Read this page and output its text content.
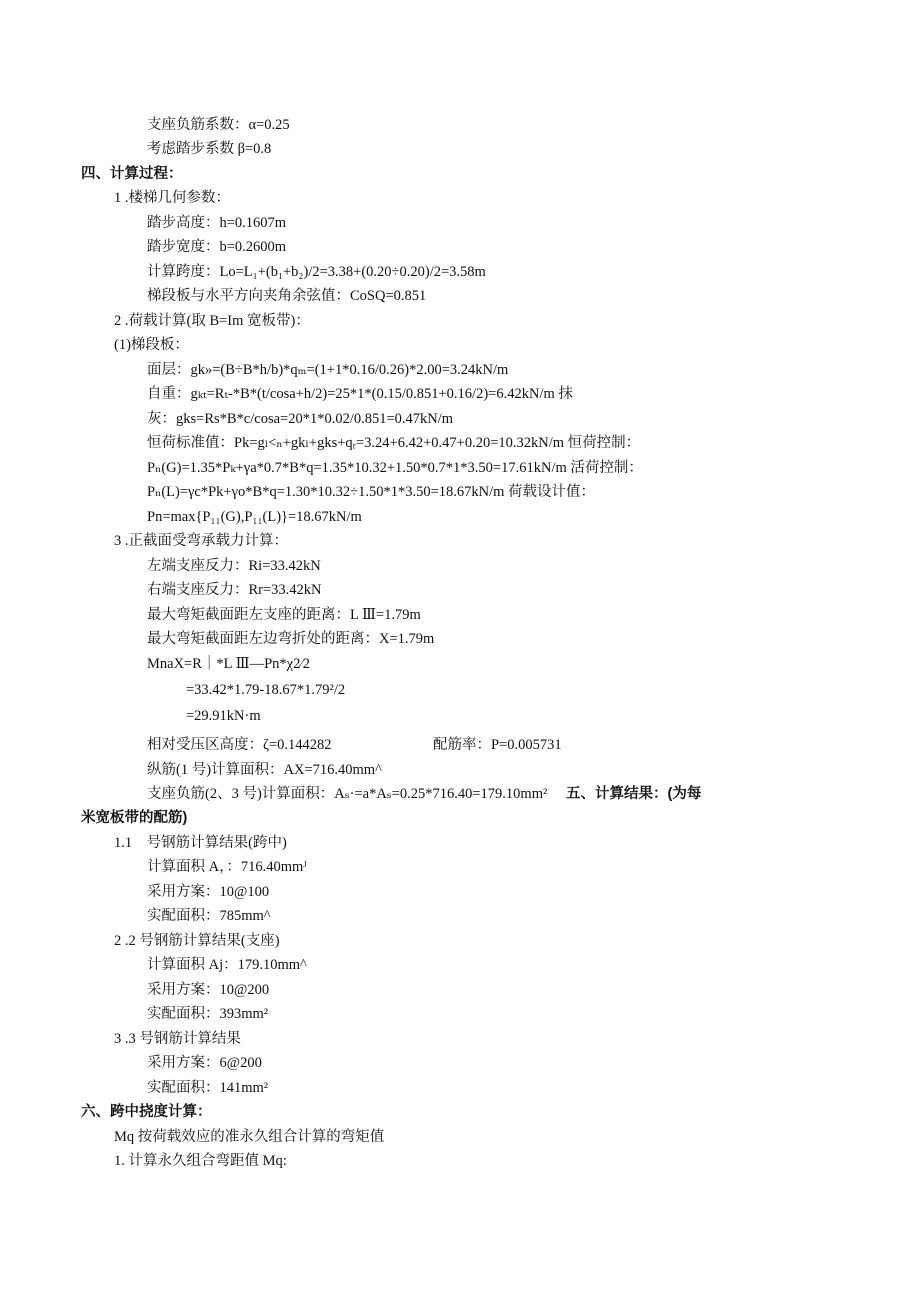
支座负筋系数：α=0.25
考虑踏步系数 β=0.8
四、计算过程：
1 .楼梯几何参数：
踏步高度：h=0.1607m
踏步宽度：b=0.2600m
计算跨度：Lo=L₁+(b₁+b₂)/2=3.38+(0.20÷0.20)/2=3.58m
梯段板与水平方向夹角余弦值：CoSQ=0.851
2 .荷载计算(取 B=Im 宽板带)：
(1)梯段板：
面层：gk»=(B÷B*h/b)*qₘ=(1+1*0.16/0.26)*2.00=3.24kN/m
自重：gₖₜ=Rₜ-*B*(t/cosa+h/2)=25*1*(0.15/0.851+0.16/2)=6.42kN/m 抹
灰：gks=Rs*B*c/cosa=20*1*0.02/0.851=0.47kN/m
恒荷标准值：Pk=gₗ<ₙ+gkₗ+gks+qᵣ=3.24+6.42+0.47+0.20=10.32kN/m 恒荷控制：
Pₙ(G)=1.35*Pₖ+γa*0.7*B*q=1.35*10.32+1.50*0.7*1*3.50=17.61kN/m 活荷控制：
Pₙ(L)=γc*Pk+γo*B*q=1.30*10.32÷1.50*1*3.50=18.67kN/m 荷载设计值：
Pn=max{P₁₁(G),P₁₁(L)}=18.67kN/m
3 .正截面受弯承载力计算：
左端支座反力：Ri=33.42kN
右端支座反力：Rr=33.42kN
最大弯矩截面距左支座的距离：L Ⅲ=1.79m
最大弯矩截面距左边弯折处的距离：X=1.79m
MnaX=R｜*L Ⅲ—Pn*χ2⁄2
=33.42*1.79-18.67*1.79²/2
=29.91kN·m
相对受压区高度：ζ=0.144282	配筋率：P=0.005731
纵筋(1 号)计算面积：AX=716.40mm^
支座负筋(2、3 号)计算面积：Aₛ·=a*Aₛ=0.25*716.40=179.10mm² 五、计算结果：(为每
米宽板带的配筋)
1.1　号钢筋计算结果(跨中)
计算面积 A，：716.40mmᴶ
采用方案：10@100
实配面积：785mm^
2 .2 号钢筋计算结果(支座)
计算面积 Aj：179.10mm^
采用方案：10@200
实配面积：393mm²
3 .3 号钢筋计算结果
采用方案：6@200
实配面积：141mm²
六、跨中挠度计算：
Mq 按荷载效应的准永久组合计算的弯矩值
1. 计算永久组合弯距值 Mq:
